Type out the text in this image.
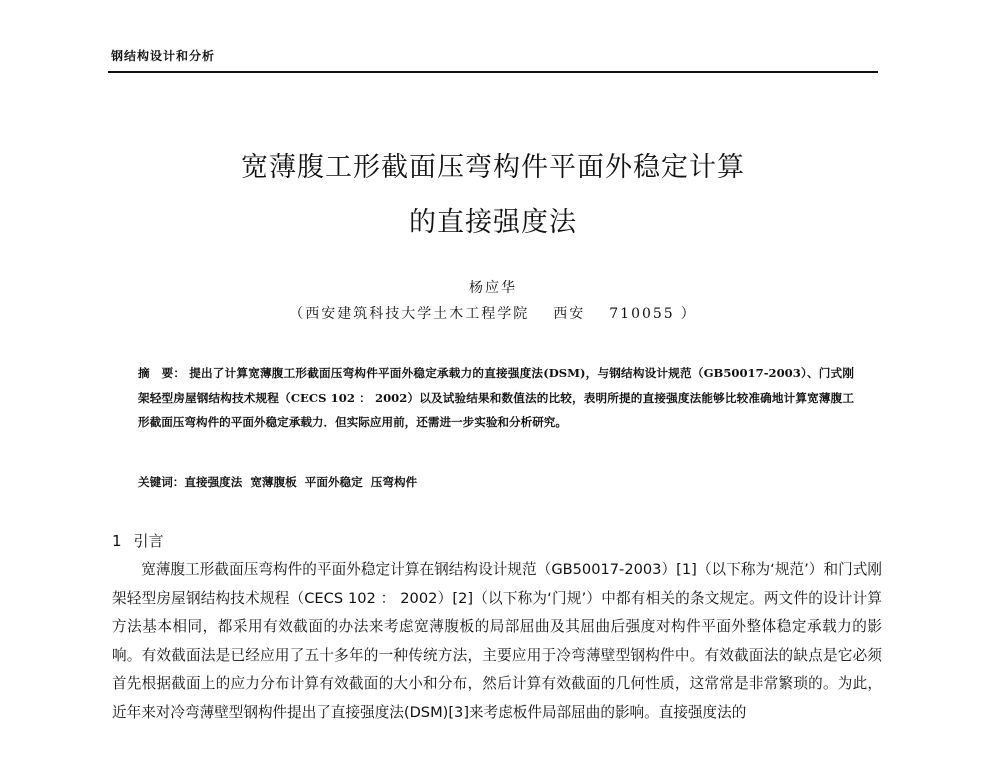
钢结构设计和分析
宽薄腹工形截面压弯构件平面外稳定计算
的直接强度法
杨应华
（西安建筑科技大学土木工程学院 西安 710055 ）
摘　要： 提出了计算宽薄腹工形截面压弯构件平面外稳定承载力的直接强度法(DSM)，与钢结构设计规范（GB50017-2003）、门式刚架轻型房屋钢结构技术规程（CECS 102 ： 2002）以及试验结果和数值法的比较，表明所提的直接强度法能够比较准确地计算宽薄腹工形截面压弯构件的平面外稳定承载力．但实际应用前，还需进一步实验和分析研究。
关键词：直接强度法 宽薄腹板 平面外稳定 压弯构件
1 引言
宽薄腹工形截面压弯构件的平面外稳定计算在钢结构设计规范（GB50017-2003）[1]（以下称为‘规范’）和门式刚架轻型房屋钢结构技术规程（CECS 102 ： 2002）[2]（以下称为‘门规’）中都有相关的条文规定。两文件的设计计算方法基本相同，都采用有效截面的办法来考虑宽薄腹板的局部屈曲及其屈曲后强度对构件平面外整体稳定承载力的影响。有效截面法是已经应用了五十多年的一种传统方法，主要应用于冷弯薄壁型钢构件中。有效截面法的缺点是它必须首先根据截面上的应力分布计算有效截面的大小和分布，然后计算有效截面的几何性质，这常常是非常繁琐的。为此，近年来对冷弯薄壁型钢构件提出了直接强度法(DSM)[3]来考虑板件局部屈曲的影响。直接强度法的
